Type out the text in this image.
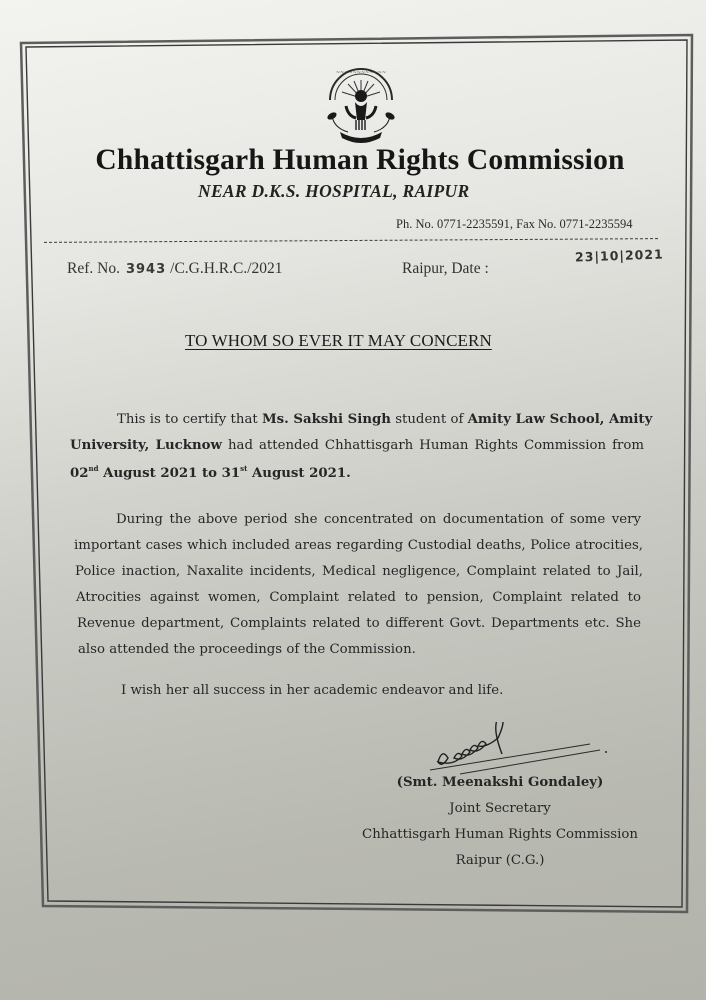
~~~~~~~~~~~~
Chhattisgarh Human Rights Commission
NEAR D.K.S. HOSPITAL, RAIPUR
Ph. No. 0771-2235591, Fax No. 0771-2235594
Ref. No. 3943 /C.G.H.R.C./2021	Raipur, Date :
23|10|2021
TO WHOM SO EVER IT MAY CONCERN
This is to certify that Ms. Sakshi Singh student of Amity Law School, Amity
University, Lucknow had attended Chhattisgarh Human Rights Commission from
02nd August 2021 to 31st August 2021.
During the above period she concentrated on documentation of some very
important cases which included areas regarding Custodial deaths, Police atrocities,
Police inaction, Naxalite incidents, Medical negligence, Complaint related to Jail,
Atrocities against women, Complaint related to pension, Complaint related to
Revenue department, Complaints related to different Govt. Departments etc. She
also attended the proceedings of the Commission.
I wish her all success in her academic endeavor and life.
(Smt. Meenakshi Gondaley)
Joint Secretary
Chhattisgarh Human Rights Commission
Raipur (C.G.)
